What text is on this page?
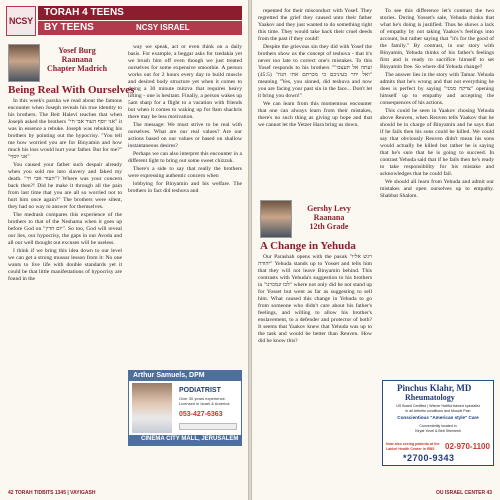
NCSY
TORAH 4 TEENS
BY TEENS	NCSY ISRAEL
Yosef Burg
Raanana
Chapter Madrich
Being Real With Ourselves

In this week's parsha we read about the famous encounter when Joseph reveals his true identity to his brothers. The Beit Halevi teaches that when Joseph asked the brothers "אני יוסף העוד אבי חי" it was in essence a rebuke. Joseph was rebuking his brothers by pointing out the hypocrisy. "You tell me how worried you are for Binyamin and how much his loss would hurt your father. But for me?" "אני יוסף"

You caused your father such despair already when you sold me into slavery and faked my death. "העוד אבי חי"? Where was your concern back then?! Did he make it through all the pain from last time that you are all so worried not to hurt him once again?" The brothers were silent, they had no way to answer for themselves.

The medrash compares this experience of the brothers to that of the Neshama when it goes up before God on "יום הדין". So too, God will reveal our lies, our hypocrisy, the gaps in our Avoda and all our well thought out excuses will be useless.

I think if we bring this idea down to our level we can get a strong mussar lesson from it: No one wants to live life with double standards yet it could be that little manifestations of hypocrisy are found in the

way we speak, act or even think on a daily basis. For example, a beggar asks for tzedakia yet we brush him off even though we just treated ourselves for some expensive smoothie. A person works out for 2 hours every day to build muscle and desired body structure yet when it comes to doing a 30 minute mitzva that requires heavy lifting - one is hesitant. Finally, a person wakes up 5am sharp for a flight to a vacation with friends but when it comes to waking up for 8am shachris there may be less motivation.

The message: We must strive to be real with ourselves. What are our real values? Are our actions based on our values or based on shallow instantaneous desires?

Perhaps we can also interpret this encounter in a different light to bring out some sweet chizzuk.

There's a side to say that really the brothers were expressing authentic concern when

lobbying for Binyamin and his welfare. The brothers in fact did teshuva and

Arthur Samuels, DPM
PODIATRIST
Over 30 years experience. Licensed in Israel & America
053-427-6363
CINEMA CITY MALL, JERUSALEM
42 TORAH TIDBITS 1345 | VAYIGASH

repented for their misconduct with Yosef. They regretted the grief they caused unto their father Yaakov and they just wanted to do something right this time. They would take back their cruel deeds from the past if they could!

Despite the grievous sin they did with Yosef the brothers show us the concept of teshuva - that it's never too late to correct one's mistakes. To this Yosef responds to his brothers "ועתה אל תעצבו" "ואל יחר בעיניכם כי מכרתם אתי הנה" (45:5) meaning "Yes, you sinned, did teshuva and now you are facing your past sin in the face... Don't let it bring you down!"

We can learn from this momentous encounter that one can always learn from their mistakes, there's no such thing as giving up hope and that we cannot let the Yetzer Hara bring us down.

Gershy Levy
Raanana
12th Grade
A Change in Yehuda

Our Parashah opens with the pasuk "ויגש אליו יהודה" Yehuda stands up to Yosset and tells him that they will not leave Binyamin behind. This contrasts with Yehuda's suggestion to his brothers in "לכו ונמכרנו" where not only did he not stand up for Yosset but went as far as suggesting to sell him. What caused this change in Yehuda to go from someone who didn't care about his father's feelings, and willing to allow his brother's enslavement, to a defender and protector of both? It seems that Yaakov knew that Yehuda was up to the task and would be better than Reuven. How did he know this?

To see this difference let's contrast the two stories. During Yosset's sale, Yehuda thinks that what he's doing is justified. Thus he shows a lack of empathy by not taking Yaakov's feelings into account, but rather saying that "it's for the good of the family." By contrast, in our story with Binyamin, Yehuda thinks of his father's feelings first and is ready to sacrifice himself to set Binyamin free. So where did Yehuda change?

The answer lies in the story with Tamar. Yehuda admits that he's wrong and that not everything he does is perfect by saying "צדקה ממני" opening himself up to empathy and accepting the consequences of his actions.

This could be seen in Yaakov chosing Yehuda above Reuven, when Reuven tells Yaakov that he should be in charge of Binyamin and he says that if he fails then his sons could be killed. We could say that obviously Reuven didn't mean his sons would actually be killed but rather he is saying that he's sure that he is going to succeed. In contrast Yehuda said that if he fails then he's ready to take responsibility for his mistake and acknowledges that he could fail.

We should all learn from Yehuda and admit our mistakes and open ourselves up to empathy. Shabbat Shalom.

Pinchus Klahr, MD
Rheumatology
US Board Certified | Wiener Hafifut trained specialist
in all Arthritis conditions and Muscle Pain
Conscientious "American style" Care
Conveniently located in
Kiryat Yovel & Beit Shemesh
Now also seeing patients at the Lakhel Health Center in RBS	02-970-1100
*2700-9343
OU ISRAEL CENTER 43
